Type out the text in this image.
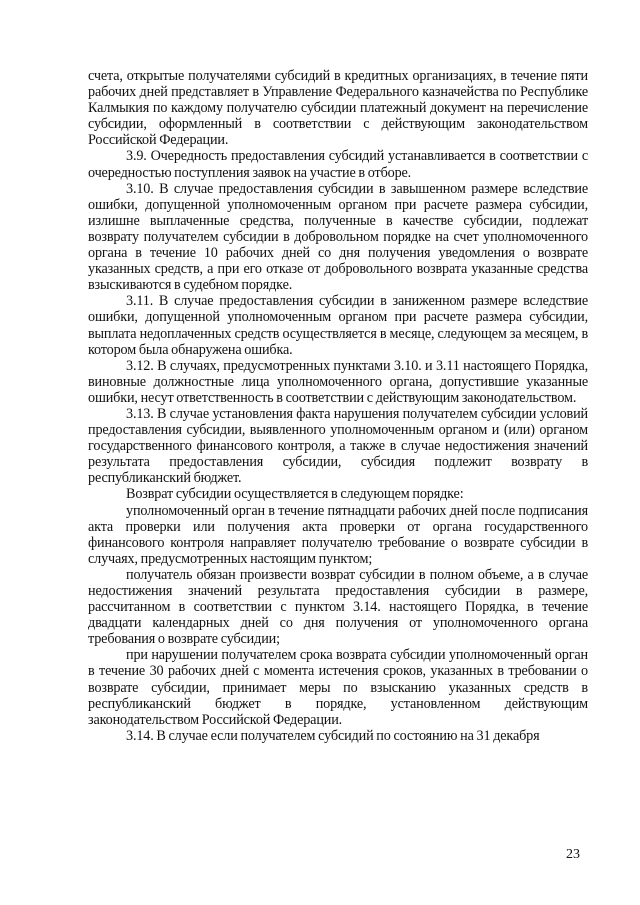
счета, открытые получателями субсидий в кредитных организациях, в течение пяти рабочих дней представляет в Управление Федерального казначейства по Республике Калмыкия по каждому получателю субсидии платежный документ на перечисление субсидии, оформленный в соответствии с действующим законодательством Российской Федерации.

3.9. Очередность предоставления субсидий устанавливается в соответствии с очередностью поступления заявок на участие в отборе.

3.10. В случае предоставления субсидии в завышенном размере вследствие ошибки, допущенной уполномоченным органом при расчете размера субсидии, излишне выплаченные средства, полученные в качестве субсидии, подлежат возврату получателем субсидии в добровольном порядке на счет уполномоченного органа в течение 10 рабочих дней со дня получения уведомления о возврате указанных средств, а при его отказе от добровольного возврата указанные средства взыскиваются в судебном порядке.

3.11. В случае предоставления субсидии в заниженном размере вследствие ошибки, допущенной уполномоченным органом при расчете размера субсидии, выплата недоплаченных средств осуществляется в месяце, следующем за месяцем, в котором была обнаружена ошибка.

3.12. В случаях, предусмотренных пунктами 3.10. и 3.11 настоящего Порядка, виновные должностные лица уполномоченного органа, допустившие указанные ошибки, несут ответственность в соответствии с действующим законодательством.

3.13. В случае установления факта нарушения получателем субсидии условий предоставления субсидии, выявленного уполномоченным органом и (или) органом государственного финансового контроля, а также в случае недостижения значений результата предоставления субсидии, субсидия подлежит возврату в республиканский бюджет.

Возврат субсидии осуществляется в следующем порядке:

уполномоченный орган в течение пятнадцати рабочих дней после подписания акта проверки или получения акта проверки от органа государственного финансового контроля направляет получателю требование о возврате субсидии в случаях, предусмотренных настоящим пунктом;

получатель обязан произвести возврат субсидии в полном объеме, а в случае недостижения значений результата предоставления субсидии в размере, рассчитанном в соответствии с пунктом 3.14. настоящего Порядка, в течение двадцати календарных дней со дня получения от уполномоченного органа требования о возврате субсидии;

при нарушении получателем срока возврата субсидии уполномоченный орган в течение 30 рабочих дней с момента истечения сроков, указанных в требовании о возврате субсидии, принимает меры по взысканию указанных средств в республиканский бюджет в порядке, установленном действующим законодательством Российской Федерации.

3.14. В случае если получателем субсидий по состоянию на 31 декабря

23
